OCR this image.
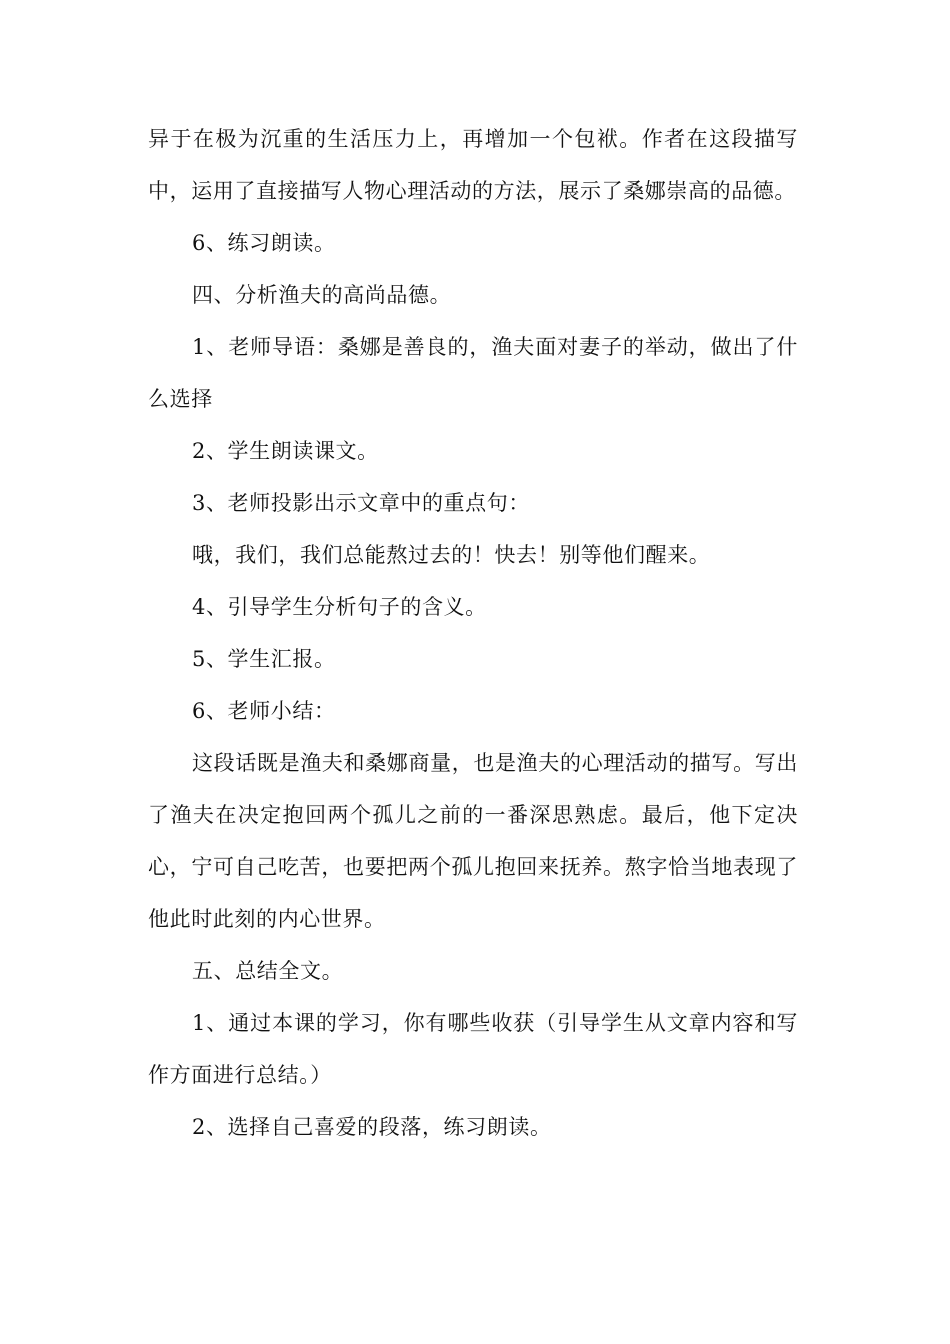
异于在极为沉重的生活压力上，再增加一个包袱。作者在这段描写中，运用了直接描写人物心理活动的方法，展示了桑娜崇高的品德。

6、练习朗读。

四、分析渔夫的高尚品德。

1、老师导语：桑娜是善良的，渔夫面对妻子的举动，做出了什么选择

2、学生朗读课文。

3、老师投影出示文章中的重点句：

哦，我们，我们总能熬过去的！快去！别等他们醒来。

4、引导学生分析句子的含义。

5、学生汇报。

6、老师小结：

这段话既是渔夫和桑娜商量，也是渔夫的心理活动的描写。写出了渔夫在决定抱回两个孤儿之前的一番深思熟虑。最后，他下定决心，宁可自己吃苦，也要把两个孤儿抱回来抚养。熬字恰当地表现了他此时此刻的内心世界。

五、总结全文。

1、通过本课的学习，你有哪些收获（引导学生从文章内容和写作方面进行总结。）

2、选择自己喜爱的段落，练习朗读。
